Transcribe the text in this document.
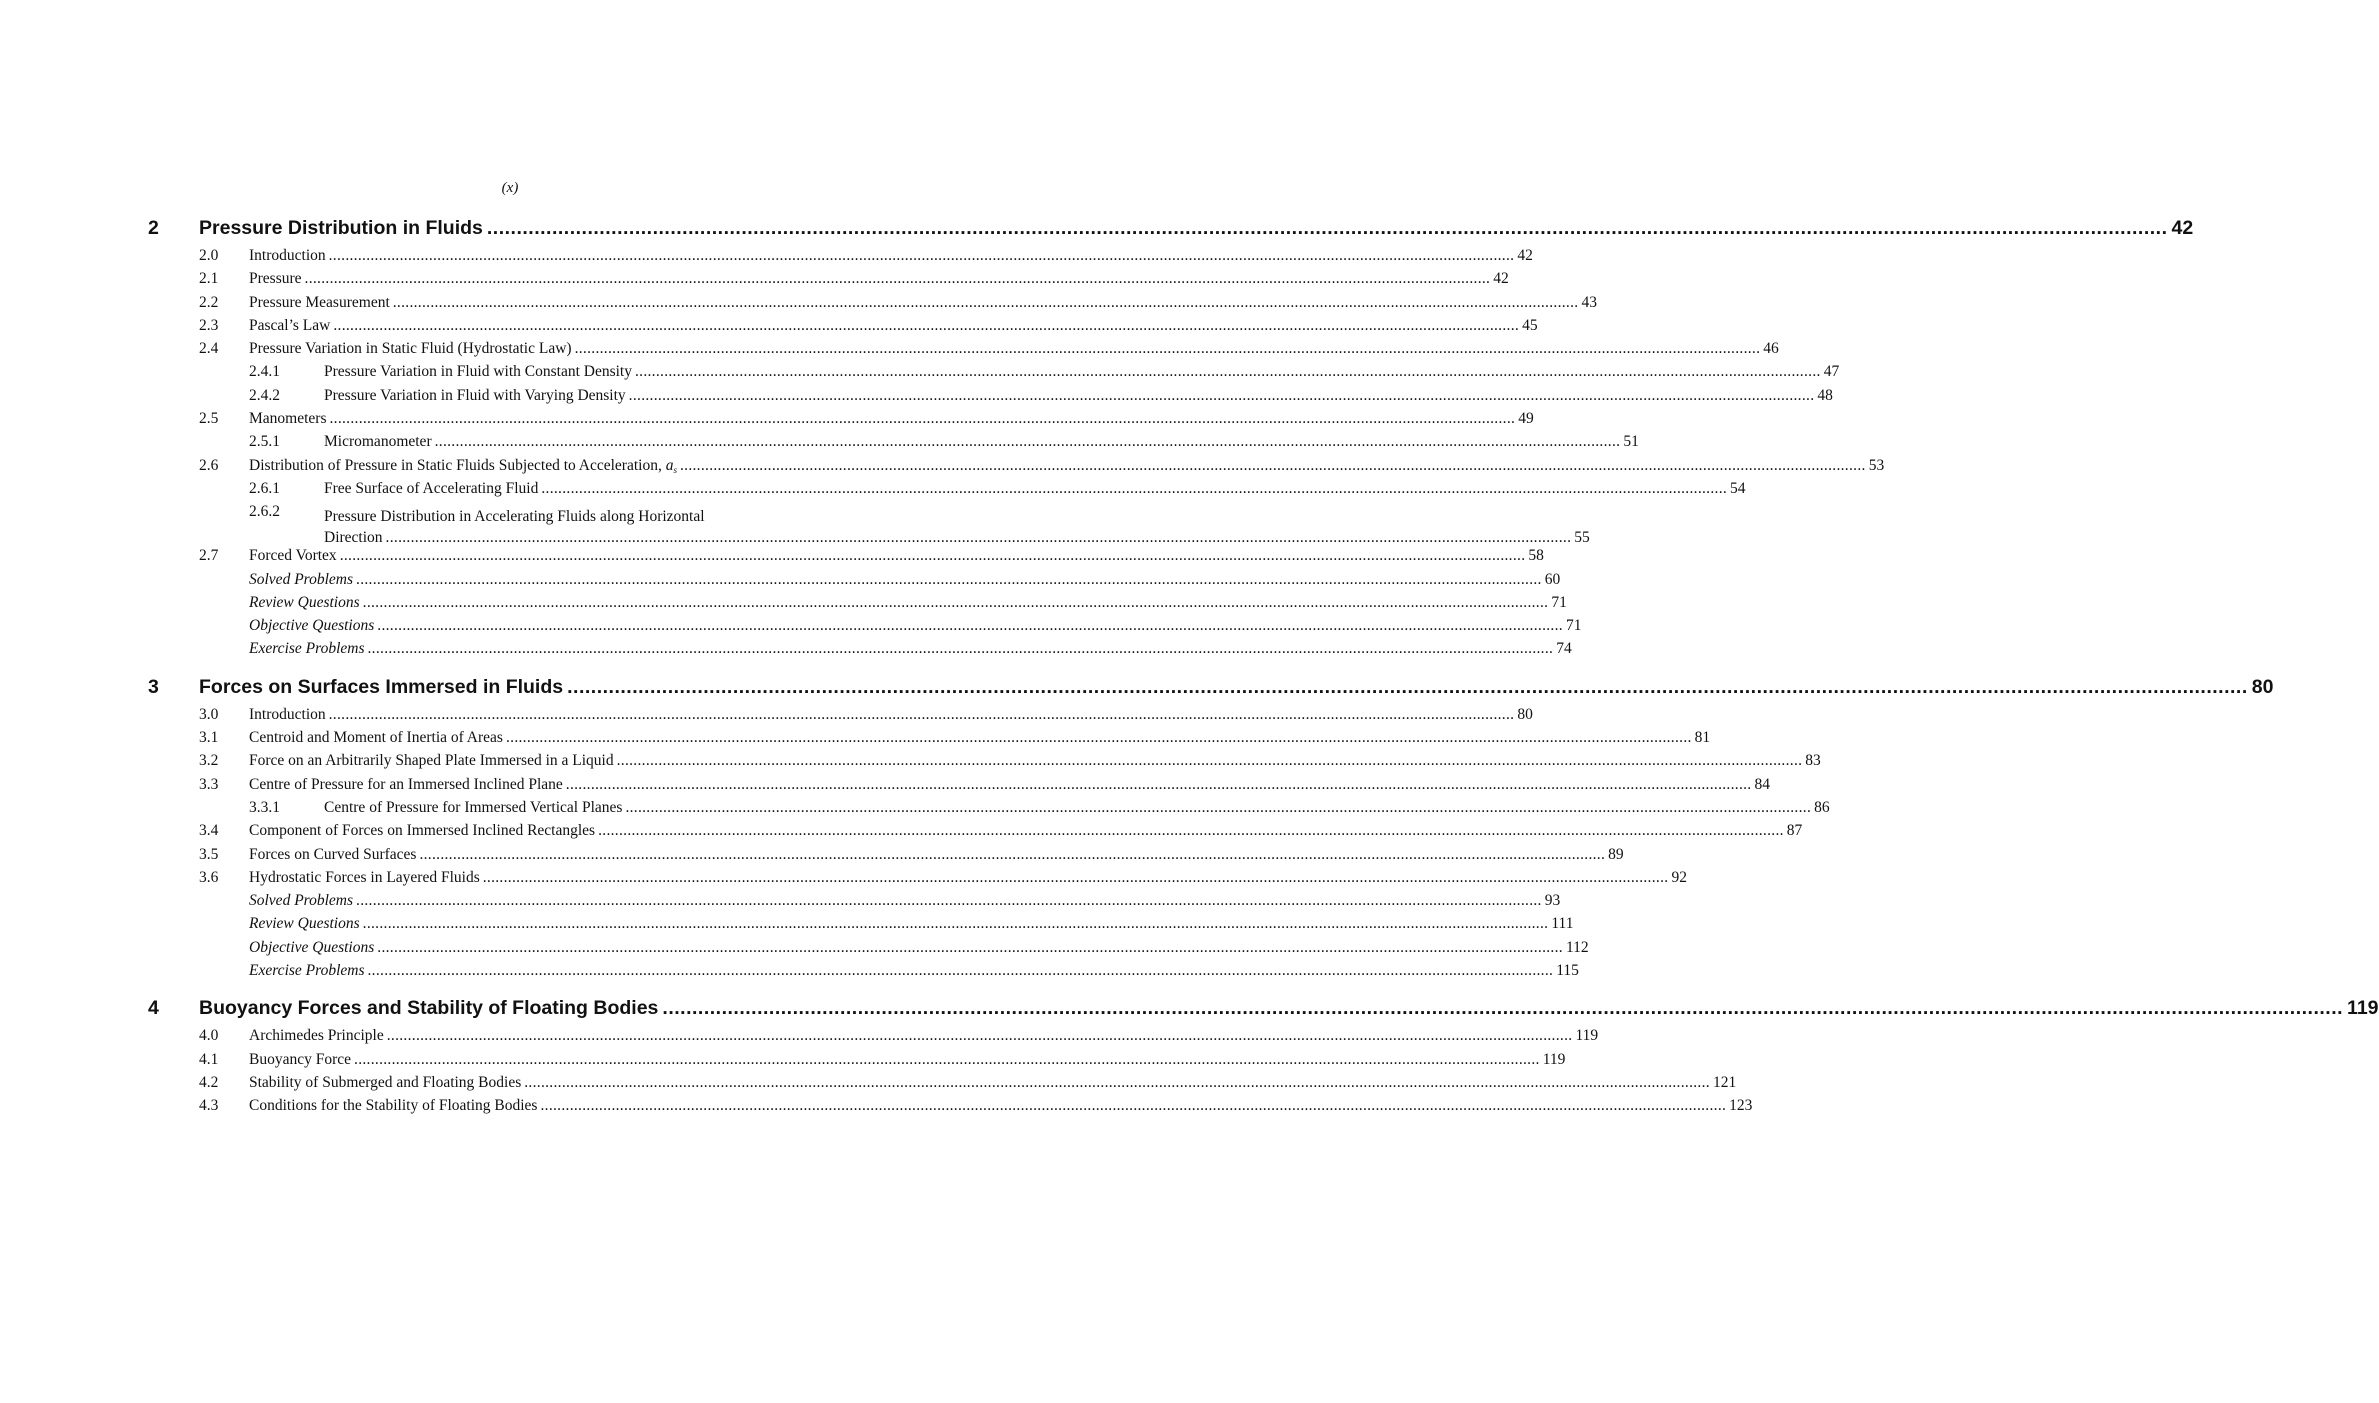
(x)
2	Pressure Distribution in Fluids ............................................................................................................................................................................................................................................................................................ 42
2.0	Introduction ............................................................................................................................................................................................................................................................................................ 42
2.1	Pressure ............................................................................................................................................................................................................................................................................................ 42
2.2	Pressure Measurement ............................................................................................................................................................................................................................................................................................ 43
2.3	Pascal’s Law ............................................................................................................................................................................................................................................................................................ 45
2.4	Pressure Variation in Static Fluid (Hydrostatic Law) ............................................................................................................................................................................................................................................................................................ 46
2.4.1	Pressure Variation in Fluid with Constant Density ............................................................................................................................................................................................................................................................................................ 47
2.4.2	Pressure Variation in Fluid with Varying Density ............................................................................................................................................................................................................................................................................................ 48
2.5	Manometers ............................................................................................................................................................................................................................................................................................ 49
2.5.1	Micromanometer ............................................................................................................................................................................................................................................................................................ 51
2.6	Distribution of Pressure in Static Fluids Subjected to Acceleration, $a_s$ ............................................................................................................................................................................................................................................................................................ 53
2.6.1	Free Surface of Accelerating Fluid ............................................................................................................................................................................................................................................................................................ 54
2.6.2	Pressure Distribution in Accelerating Fluids along Horizontal
Direction ............................................................................................................................................................................................................................................................................................ 55
2.7	Forced Vortex ............................................................................................................................................................................................................................................................................................ 58
Solved Problems ............................................................................................................................................................................................................................................................................................ 60
Review Questions ............................................................................................................................................................................................................................................................................................ 71
Objective Questions ............................................................................................................................................................................................................................................................................................ 71
Exercise Problems ............................................................................................................................................................................................................................................................................................ 74
3	Forces on Surfaces Immersed in Fluids ............................................................................................................................................................................................................................................................................................ 80
3.0	Introduction ............................................................................................................................................................................................................................................................................................ 80
3.1	Centroid and Moment of Inertia of Areas ............................................................................................................................................................................................................................................................................................ 81
3.2	Force on an Arbitrarily Shaped Plate Immersed in a Liquid ............................................................................................................................................................................................................................................................................................ 83
3.3	Centre of Pressure for an Immersed Inclined Plane ............................................................................................................................................................................................................................................................................................ 84
3.3.1	Centre of Pressure for Immersed Vertical Planes ............................................................................................................................................................................................................................................................................................ 86
3.4	Component of Forces on Immersed Inclined Rectangles ............................................................................................................................................................................................................................................................................................ 87
3.5	Forces on Curved Surfaces ............................................................................................................................................................................................................................................................................................ 89
3.6	Hydrostatic Forces in Layered Fluids ............................................................................................................................................................................................................................................................................................ 92
Solved Problems ............................................................................................................................................................................................................................................................................................ 93
Review Questions ............................................................................................................................................................................................................................................................................................ 111
Objective Questions ............................................................................................................................................................................................................................................................................................ 112
Exercise Problems ............................................................................................................................................................................................................................................................................................ 115
4	Buoyancy Forces and Stability of Floating Bodies ............................................................................................................................................................................................................................................................................................ 119
4.0	Archimedes Principle ............................................................................................................................................................................................................................................................................................ 119
4.1	Buoyancy Force ............................................................................................................................................................................................................................................................................................ 119
4.2	Stability of Submerged and Floating Bodies ............................................................................................................................................................................................................................................................................................ 121
4.3	Conditions for the Stability of Floating Bodies ............................................................................................................................................................................................................................................................................................ 123
